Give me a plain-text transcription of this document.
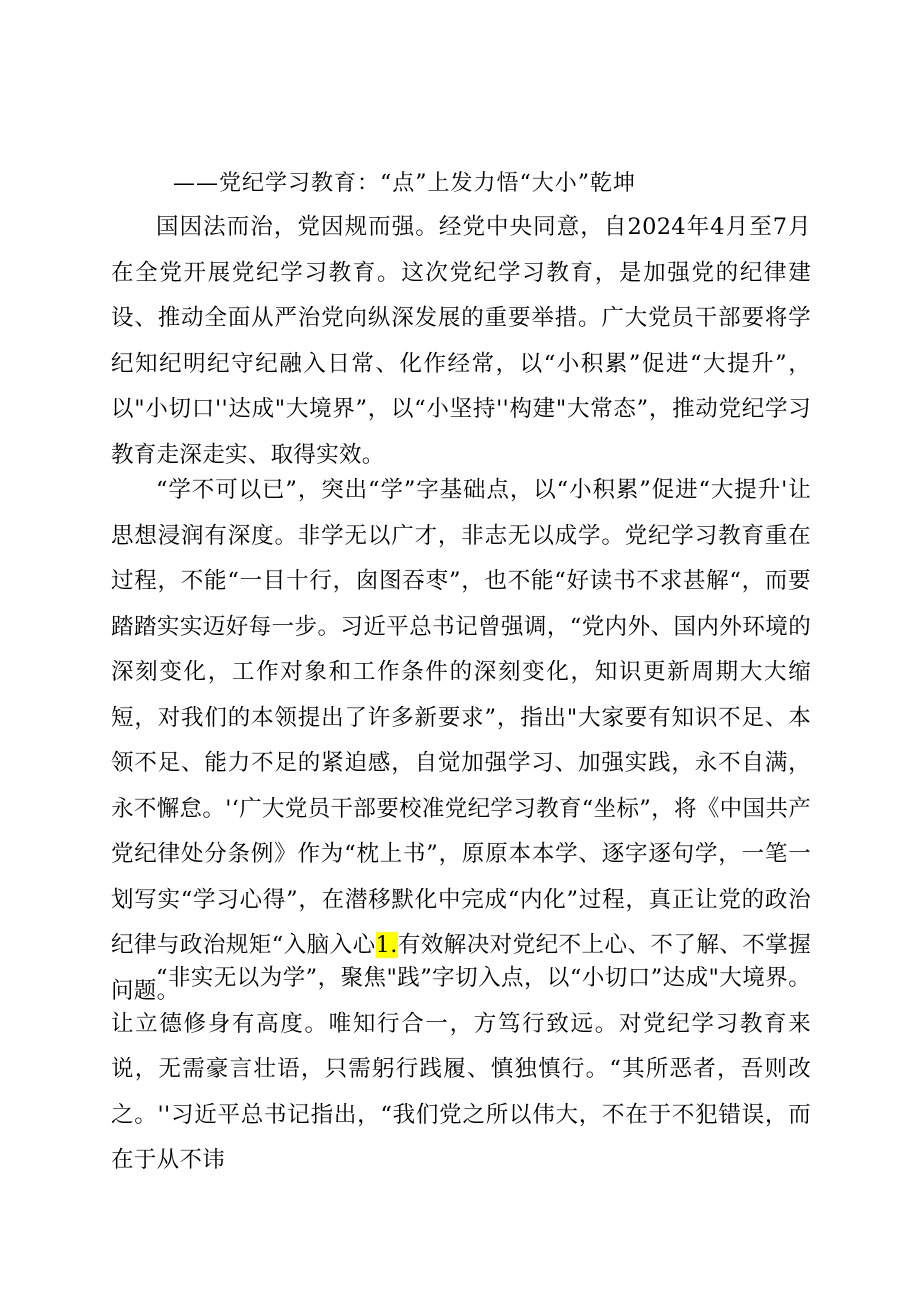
——党纪学习教育：“点”上发力悟“大小”乾坤

国因法而治，党因规而强。经党中央同意，自2024年4月至7月在全党开展党纪学习教育。这次党纪学习教育，是加强党的纪律建设、推动全面从严治党向纵深发展的重要举措。广大党员干部要将学纪知纪明纪守纪融入日常、化作经常，以“小积累”促进“大提升”，以"小切口''达成"大境界”，以“小坚持''构建"大常态”，推动党纪学习教育走深走实、取得实效。

“学不可以已”，突出“学”字基础点，以“小积累”促进“大提升'让思想浸润有深度。非学无以广才，非志无以成学。党纪学习教育重在过程，不能“一目十行，囱图吞枣”，也不能“好读书不求甚解“，而要踏踏实实迈好每一步。习近平总书记曾强调，“党内外、国内外环境的深刻变化，工作对象和工作条件的深刻变化，知识更新周期大大缩短，对我们的本领提出了许多新要求”，指出"大家要有知识不足、本领不足、能力不足的紧迫感，自觉加强学习、加强实践，永不自满，永不懈怠。'‘广大党员干部要校准党纪学习教育“坐标”，将《中国共产党纪律处分条例》作为“枕上书”，原原本本学、逐字逐句学，一笔一划写实“学习心得”，在潜移默化中完成“内化”过程，真正让党的政治纪律与政治规矩“入脑入心1.有效解决对党纪不上心、不了解、不掌握问题。

“非实无以为学”，聚焦"践”字切入点，以“小切口”达成"大境界。让立德修身有高度。唯知行合一，方笃行致远。对党纪学习教育来说，无需豪言壮语，只需躬行践履、慎独慎行。“其所恶者，吾则改之。''习近平总书记指出，“我们党之所以伟大，不在于不犯错误，而在于从不讳
